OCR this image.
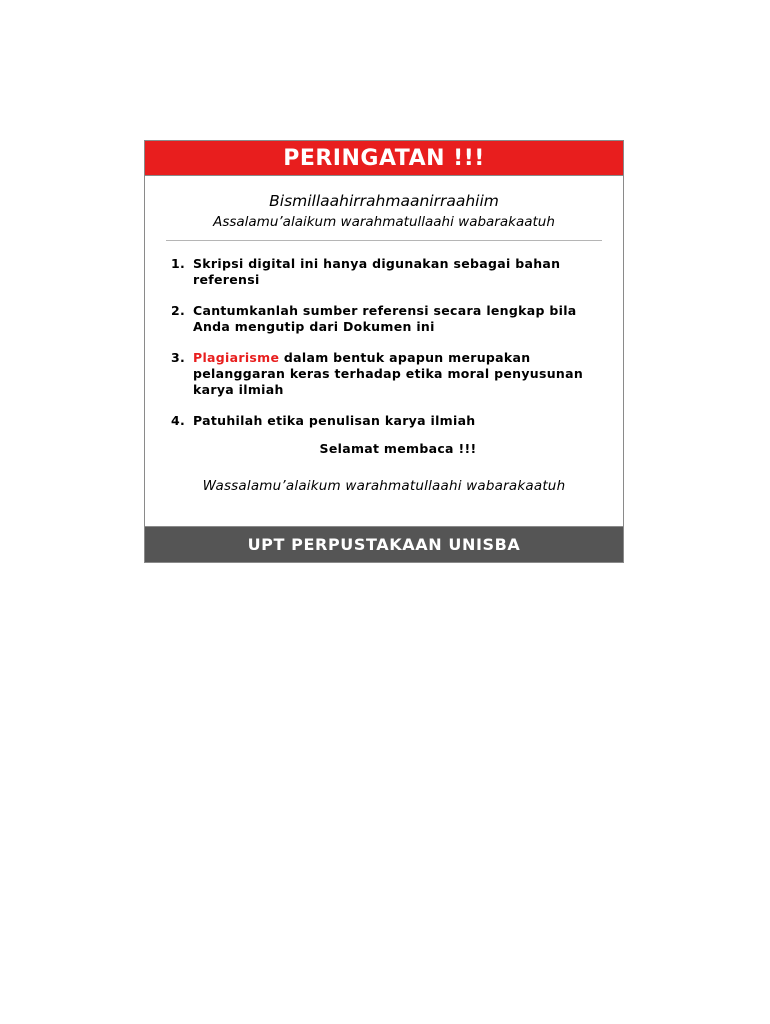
PERINGATAN !!!
Bismillaahirrahmaanirraahiim
Assalamu’alaikum warahmatullaahi wabarakaatuh
1. Skripsi digital ini hanya digunakan sebagai bahan referensi
2. Cantumkanlah sumber referensi secara lengkap bila Anda mengutip dari Dokumen ini
3. Plagiarisme dalam bentuk apapun merupakan pelanggaran keras terhadap etika moral penyusunan karya ilmiah
4. Patuhilah etika penulisan karya ilmiah
Selamat membaca !!!
Wassalamu’alaikum warahmatullaahi wabarakaatuh
UPT PERPUSTAKAAN UNISBA
